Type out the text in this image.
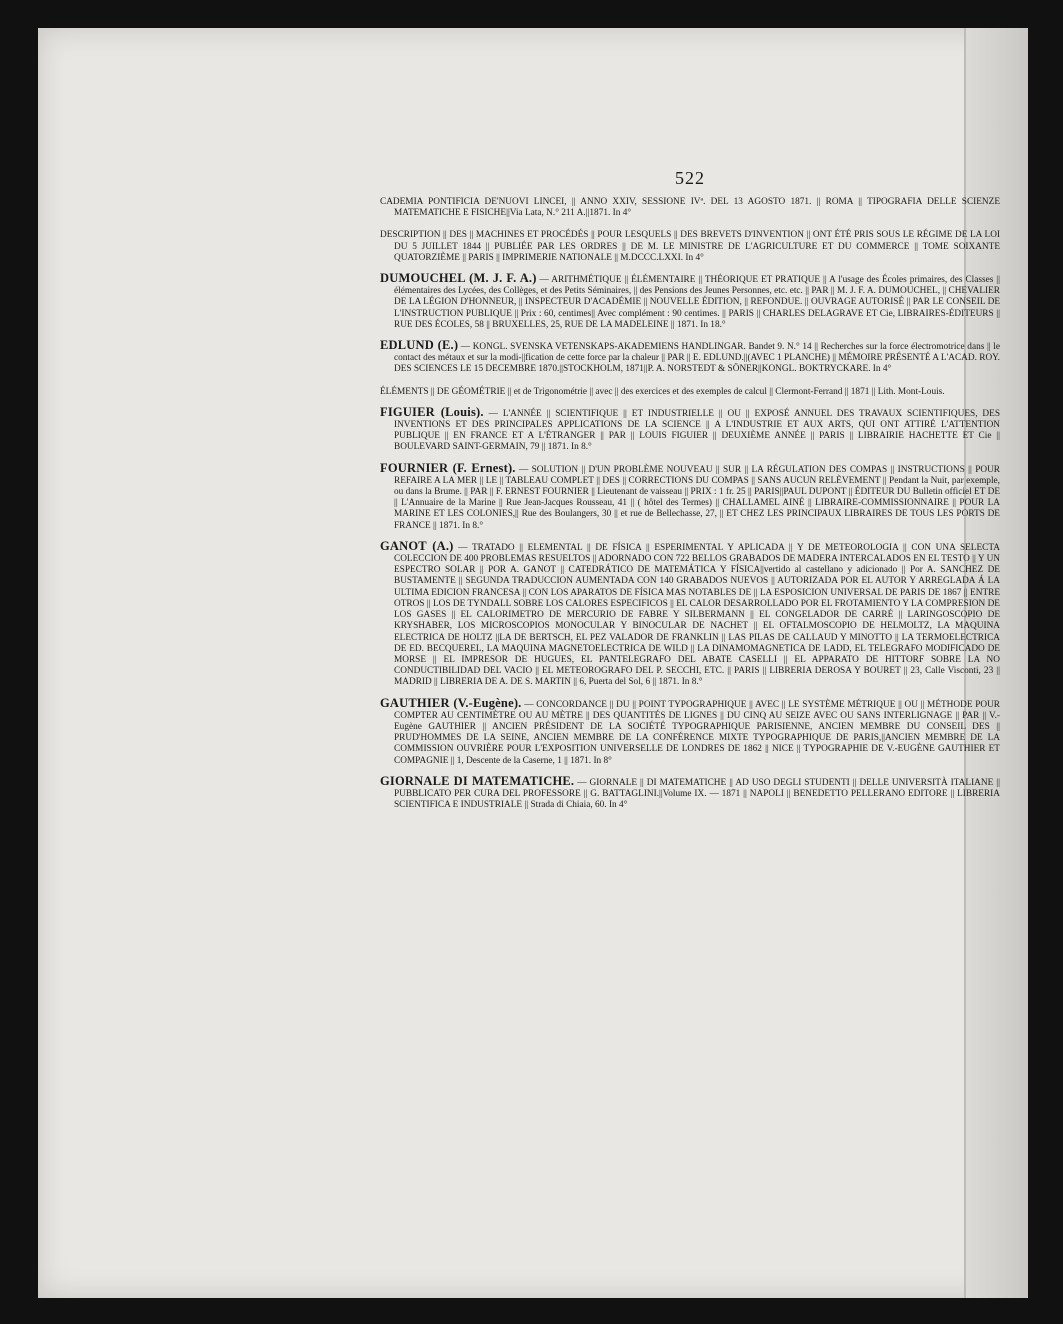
522

CADEMIA PONTIFICIA DE'NUOVI LINCEI, || ANNO XXIV, SESSIONE IVª. DEL 13 AGOSTO 1871. || ROMA || TIPOGRAFIA DELLE SCIENZE MATEMATICHE E FISICHE||Via Lata, N.° 211 A.||1871. In 4°

DESCRIPTION || DES || MACHINES ET PROCÉDÉS || POUR LESQUELS || DES BREVETS D'INVENTION || ONT ÉTÉ PRIS SOUS LE RÉGIME DE LA LOI DU 5 JUILLET 1844 || PUBLIÉE PAR LES ORDRES || DE M. LE MINISTRE DE L'AGRICULTURE ET DU COMMERCE || TOME SOIXANTE QUATORZIÈME || PARIS || IMPRIMERIE NATIONALE || M.DCCC.LXXI. In 4°

DUMOUCHEL (M. J. F. A.) — ARITHMÉTIQUE || ÉLÉMENTAIRE || THÉORIQUE ET PRATIQUE || A l'usage des Écoles primaires, des Classes || élémentaires des Lycées, des Collèges, et des Petits Séminaires, || des Pensions des Jeunes Personnes, etc. etc. || PAR || M. J. F. A. DUMOUCHEL, || CHEVALIER DE LA LÉGION D'HONNEUR, || INSPECTEUR D'ACADÉMIE || NOUVELLE ÉDITION, || REFONDUE. || OUVRAGE AUTORISÉ || PAR LE CONSEIL DE L'INSTRUCTION PUBLIQUE || Prix : 60, centimes|| Avec complément : 90 centimes. || PARIS || CHARLES DELAGRAVE ET Cie, LIBRAIRES-ÉDITEURS || RUE DES ÉCOLES, 58 || BRUXELLES, 25, RUE DE LA MADELEINE || 1871. In 18.°

EDLUND (E.) — KONGL. SVENSKA VETENSKAPS-AKADEMIENS HANDLINGAR. Bandet 9. N.° 14 || Recherches sur la force électromotrice dans || le contact des métaux et sur la modi-||fication de cette force par la chaleur || PAR || E. EDLUND.||(AVEC 1 PLANCHE) || MÉMOIRE PRÉSENTÉ A L'ACAD. ROY. DES SCIENCES LE 15 DECEMBRE 1870.||STOCKHOLM, 1871||P. A. NORSTEDT & SÖNER||KONGL. BOKTRYCKARE. In 4°

ÉLÉMENTS || DE GÉOMÉTRIE || et de Trigonométrie || avec || des exercices et des exemples de calcul || Clermont-Ferrand || 1871 || Lith. Mont-Louis.

FIGUIER (Louis). — L'ANNÉE || SCIENTIFIQUE || ET INDUSTRIELLE || OU || EXPOSÉ ANNUEL DES TRAVAUX SCIENTIFIQUES, DES INVENTIONS ET DES PRINCIPALES APPLICATIONS DE LA SCIENCE || A L'INDUSTRIE ET AUX ARTS, QUI ONT ATTIRÉ L'ATTENTION PUBLIQUE || EN FRANCE ET A L'ÉTRANGER || PAR || LOUIS FIGUIER || DEUXIÈME ANNÉE || PARIS || LIBRAIRIE HACHETTE ET Cie || BOULEVARD SAINT-GERMAIN, 79 || 1871. In 8.°

FOURNIER (F. Ernest). — SOLUTION || D'UN PROBLÈME NOUVEAU || SUR || LA RÉGULATION DES COMPAS || INSTRUCTIONS || POUR REFAIRE A LA MER || LE || TABLEAU COMPLET || DES || CORRECTIONS DU COMPAS || SANS AUCUN RELÈVEMENT || Pendant la Nuit, par exemple, ou dans la Brume. || PAR || F. ERNEST FOURNIER || Lieutenant de vaisseau || PRIX : 1 fr. 25 || PARIS||PAUL DUPONT || ÉDITEUR DU Bulletin officiel ET DE || L'Annuaire de la Marine || Rue Jean-Jacques Rousseau, 41 || ( hôtel des Termes) || CHALLAMEL AINÉ || LIBRAIRE-COMMISSIONNAIRE || POUR LA MARINE ET LES COLONIES,|| Rue des Boulangers, 30 || et rue de Bellechasse, 27, || ET CHEZ LES PRINCIPAUX LIBRAIRES DE TOUS LES PORTS DE FRANCE || 1871. In 8.°

GANOT (A.) — TRATADO || ELEMENTAL || DE FÍSICA || ESPERIMENTAL Y APLICADA || Y DE METEOROLOGIA || CON UNA SELECTA COLECCION DE 400 PROBLEMAS RESUELTOS || ADORNADO CON 722 BELLOS GRABADOS DE MADERA INTERCALADOS EN EL TESTO || Y UN ESPECTRO SOLAR || POR A. GANOT || CATEDRÁTICO DE MATEMÁTICA Y FÍSICA||vertido al castellano y adicionado || Por A. SANCHEZ DE BUSTAMENTE || SEGUNDA TRADUCCION AUMENTADA CON 140 GRABADOS NUEVOS || AUTORIZADA POR EL AUTOR Y ARREGLADA Á LA ULTIMA EDICION FRANCESA || CON LOS APARATOS DE FÍSICA MAS NOTABLES DE || LA ESPOSICION UNIVERSAL DE PARIS DE 1867 || ENTRE OTROS || LOS DE TYNDALL SOBRE LOS CALORES ESPECIFICOS || EL CALOR DESARROLLADO POR EL FROTAMIENTO Y LA COMPRESION DE LOS GASES || EL CALORIMETRO DE MERCURIO DE FABRE Y SILBERMANN || EL CONGELADOR DE CARRÉ || LARINGOSCOPIO DE KRYSHABER, LOS MICROSCOPIOS MONOCULAR Y BINOCULAR DE NACHET || EL OFTALMOSCOPIO DE HELMOLTZ, LA MAQUINA ELECTRICA DE HOLTZ ||LA DE BERTSCH, EL PEZ VALADOR DE FRANKLIN || LAS PILAS DE CALLAUD Y MINOTTO || LA TERMOELECTRICA DE ED. BECQUEREL, LA MAQUINA MAGNETOELECTRICA DE WILD || LA DINAMOMAGNETICA DE LADD, EL TELEGRAFO MODIFICADO DE MORSE || EL IMPRESOR DE HUGUES, EL PANTELEGRAFO DEL ABATE CASELLI || EL APPARATO DE HITTORF SOBRE LA NO CONDUCTIBILIDAD DEL VACIO || EL METEOROGRAFO DEL P. SECCHI, ETC. || PARIS || LIBRERIA DEROSA Y BOURET || 23, Calle Visconti, 23 || MADRID || LIBRERIA DE A. DE S. MARTIN || 6, Puerta del Sol, 6 || 1871. In 8.°

GAUTHIER (V.-Eugène). — CONCORDANCE || DU || POINT TYPOGRAPHIQUE || AVEC || LE SYSTÈME MÉTRIQUE || OU || MÉTHODE POUR COMPTER AU CENTIMÈTRE OU AU MÈTRE || DES QUANTITÉS DE LIGNES || DU CINQ AU SEIZE AVEC OU SANS INTERLIGNAGE || PAR || V.-Eugène GAUTHIER || ANCIEN PRÉSIDENT DE LA SOCIÉTÉ TYPOGRAPHIQUE PARISIENNE, ANCIEN MEMBRE DU CONSEIL DES || PRUD'HOMMES DE LA SEINE, ANCIEN MEMBRE DE LA CONFÉRENCE MIXTE TYPOGRAPHIQUE DE PARIS,||ANCIEN MEMBRE DE LA COMMISSION OUVRIÈRE POUR L'EXPOSITION UNIVERSELLE DE LONDRES DE 1862 || NICE || TYPOGRAPHIE DE V.-EUGÈNE GAUTHIER ET COMPAGNIE || 1, Descente de la Caserne, 1 || 1871. In 8°

GIORNALE DI MATEMATICHE. — GIORNALE || DI MATEMATICHE || AD USO DEGLI STUDENTI || DELLE UNIVERSITÀ ITALIANE || PUBBLICATO PER CURA DEL PROFESSORE || G. BATTAGLINI.||Volume IX. — 1871 || NAPOLI || BENEDETTO PELLERANO EDITORE || LIBRERIA SCIENTIFICA E INDUSTRIALE || Strada di Chiaia, 60. In 4°
